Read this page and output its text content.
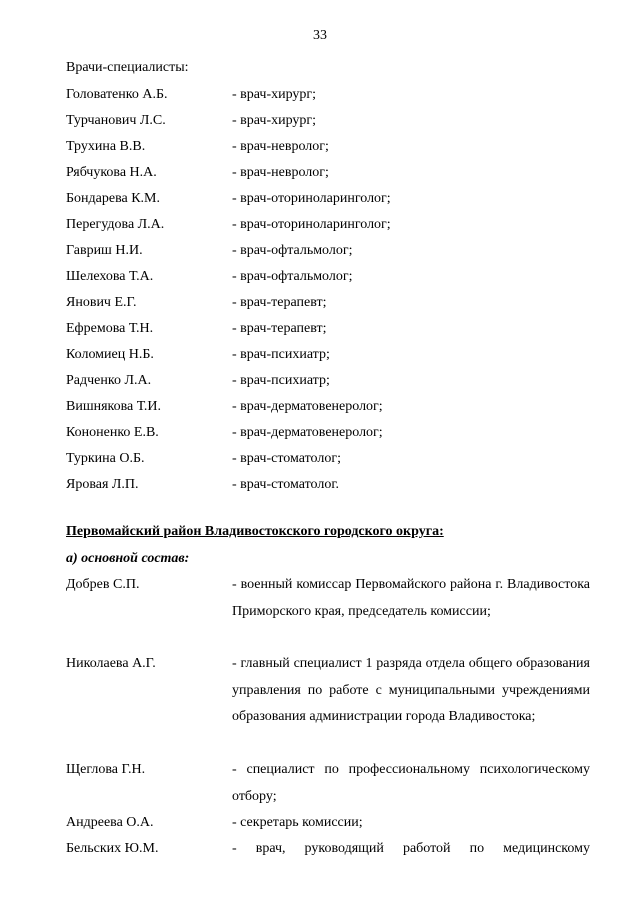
33
Врачи-специалисты:
Головатенко А.Б.	- врач-хирург;
Турчанович Л.С.	- врач-хирург;
Трухина В.В.	- врач-невролог;
Рябчукова Н.А.	- врач-невролог;
Бондарева К.М.	- врач-оториноларинголог;
Перегудова Л.А.	- врач-оториноларинголог;
Гавриш Н.И.	- врач-офтальмолог;
Шелехова Т.А.	- врач-офтальмолог;
Янович Е.Г.	- врач-терапевт;
Ефремова Т.Н.	- врач-терапевт;
Коломиец Н.Б.	- врач-психиатр;
Радченко Л.А.	- врач-психиатр;
Вишнякова Т.И.	- врач-дерматовенеролог;
Кононенко Е.В.	- врач-дерматовенеролог;
Туркина О.Б.	- врач-стоматолог;
Яровая Л.П.	- врач-стоматолог.
Первомайский район Владивостокского городского округа:
а) основной состав:
Добрев С.П.	- военный комиссар Первомайского района г. Владивостока Приморского края, председатель комиссии;
Николаева А.Г.	- главный специалист 1 разряда отдела общего образования управления по работе с муниципальными учреждениями образования администрации города Владивостока;
Щеглова Г.Н.	- специалист по профессиональному психологическому отбору;
Андреева О.А.	- секретарь комиссии;
Бельских Ю.М.	- врач, руководящий работой по медицинскому
